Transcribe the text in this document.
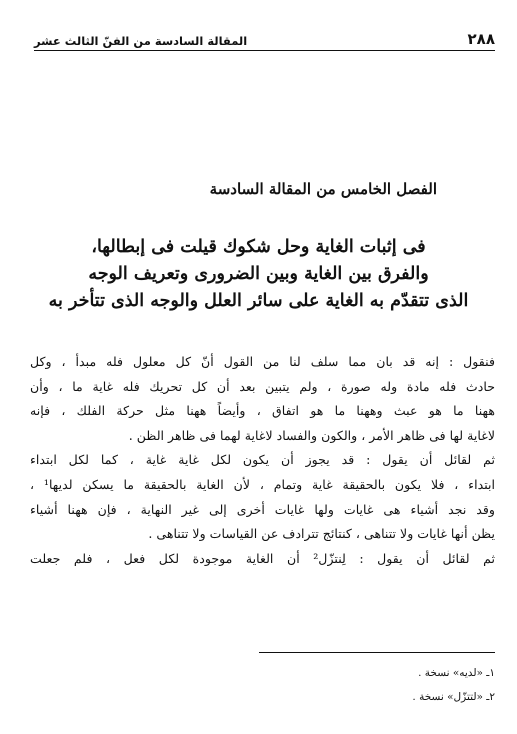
٢٨٨
المقالة السادسة من الفنّ الثالث عشر
الفصل الخامس من المقالة السادسة
فى إثبات الغاية وحل شكوك قيلت فى إبطالها،
والفرق بين الغاية وبين الضرورى وتعريف الوجه
الذى تتقدّم به الغاية على سائر العلل والوجه الذى تتأخر به
فنقول : إنه قد بان مما سلف لنا من القول أنّ كل معلول فله مبدأ ، وكل
حادث فله مادة وله صورة ، ولم يتبين بعد أن كل تحريك فله غاية ما ، وأن
ههنا ما هو عبث وههنا ما هو اتفاق ، وأيضاً ههنا مثل حركة الفلك ، فإنه
لاغاية لها فى ظاهر الأمر ، والكون والفساد لاغاية لهما فى ظاهر الظن .
ثم لقائل أن يقول : قد يجوز أن يكون لكل غاية غاية ، كما لكل ابتداء
ابتداء ، فلا يكون بالحقيقة غاية وتمام ، لأن الغاية بالحقيقة ما يسكن لديها¹ ،
وقد نجد أشياء هى غايات ولها غايات أخرى إلى غير النهاية ، فإن ههنا أشياء
يظن أنها غايات ولا تتناهى ، كنتائج تترادف عن القياسات ولا تتناهى .
ثم لقائل أن يقول : لِنتزّل² أن الغاية موجودة لكل فعل ، فلم جعلت
١ـ «لديه» نسخة .
٢ـ «لتتزّل» نسخة .
